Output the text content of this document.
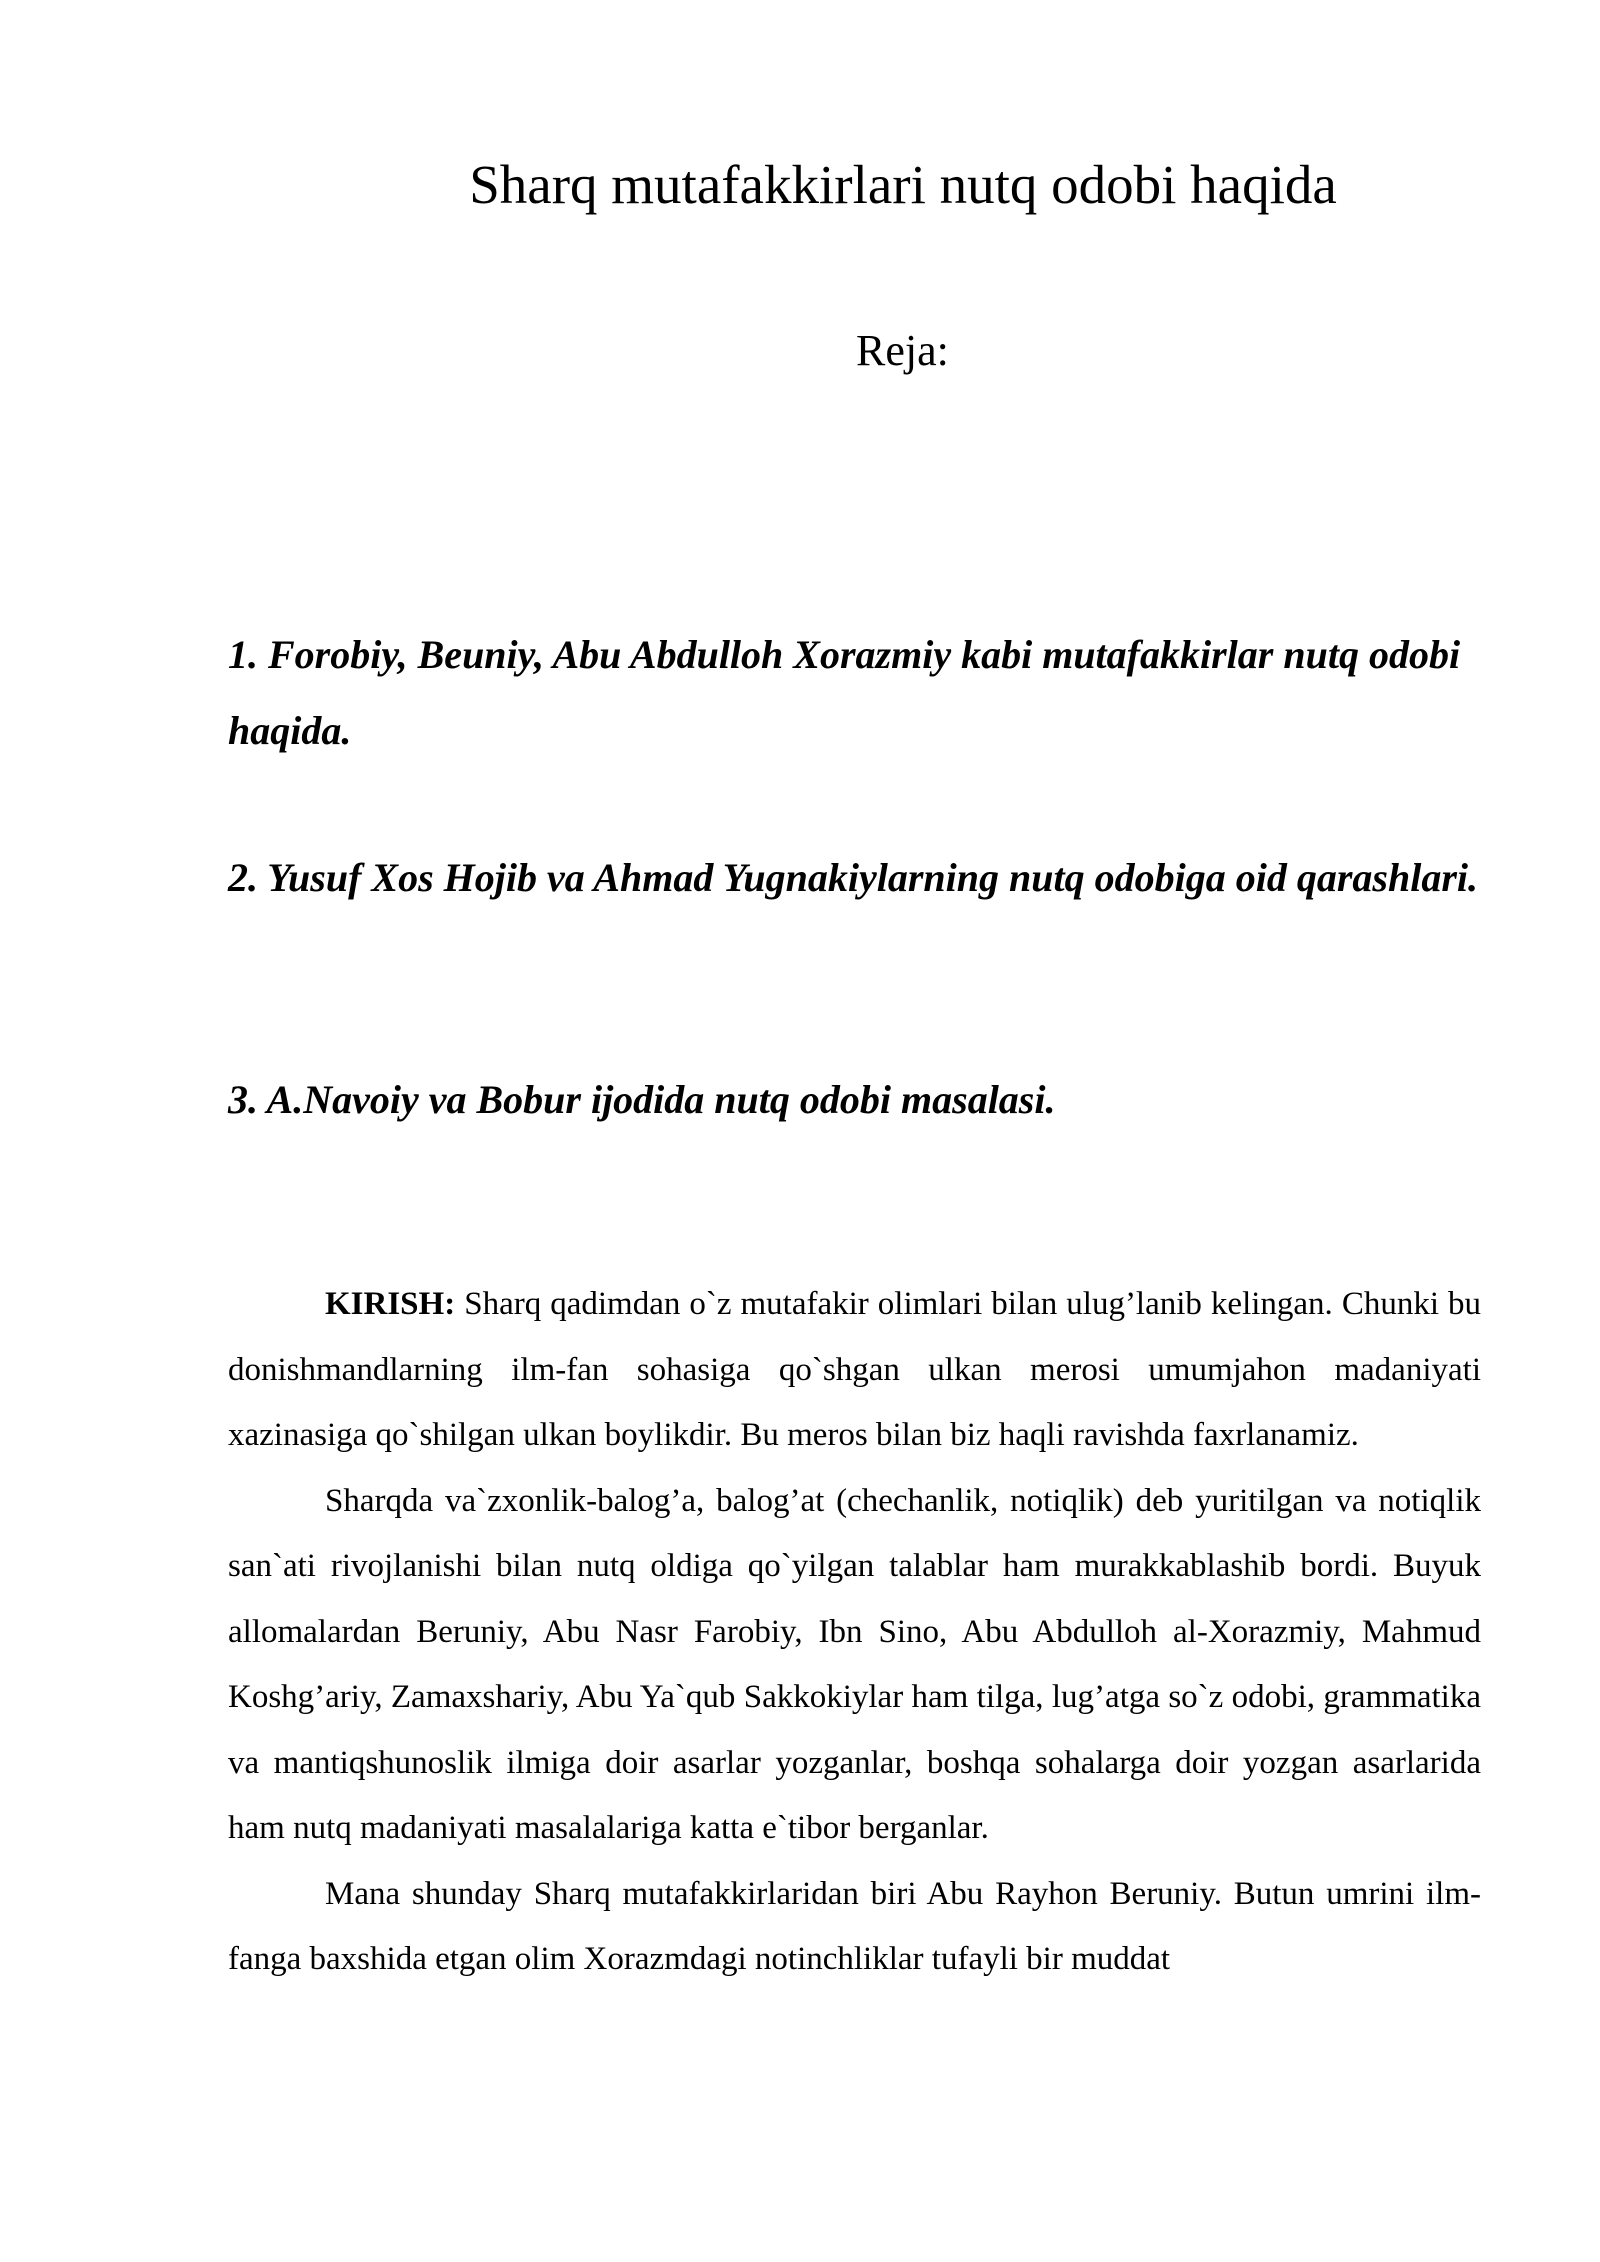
Sharq mutafakkirlari nutq odobi haqida
Reja:

1. Forobiy, Beuniy, Abu Abdulloh Xorazmiy kabi mutafakkirlar nutq odobi haqida.

2. Yusuf Xos Hojib va Ahmad Yugnakiylarning nutq odobiga oid qarashlari.

3. A.Navoiy va Bobur ijodida nutq odobi masalasi.

KIRISH: Sharq qadimdan o`z mutafakir olimlari bilan ulug’lanib kelingan. Chunki bu donishmandlarning ilm-fan sohasiga qo`shgan ulkan merosi umumjahon madaniyati xazinasiga qo`shilgan ulkan boylikdir. Bu meros bilan biz haqli ravishda faxrlanamiz.

Sharqda va`zxonlik-balog’a, balog’at (chechanlik, notiqlik) deb yuritilgan va notiqlik san`ati rivojlanishi bilan nutq oldiga qo`yilgan talablar ham murakkablashib bordi. Buyuk allomalardan Beruniy, Abu Nasr Farobiy, Ibn Sino, Abu Abdulloh al-Xorazmiy, Mahmud Koshg’ariy, Zamaxshariy, Abu Ya`qub Sakkokiylar ham tilga, lug’atga so`z odobi, grammatika va mantiqshunoslik ilmiga doir asarlar yozganlar, boshqa sohalarga doir yozgan asarlarida ham nutq madaniyati masalalariga katta e`tibor berganlar.

Mana shunday Sharq mutafakkirlaridan biri Abu Rayhon Beruniy. Butun umrini ilm-fanga baxshida etgan olim Xorazmdagi notinchliklar tufayli bir muddat
